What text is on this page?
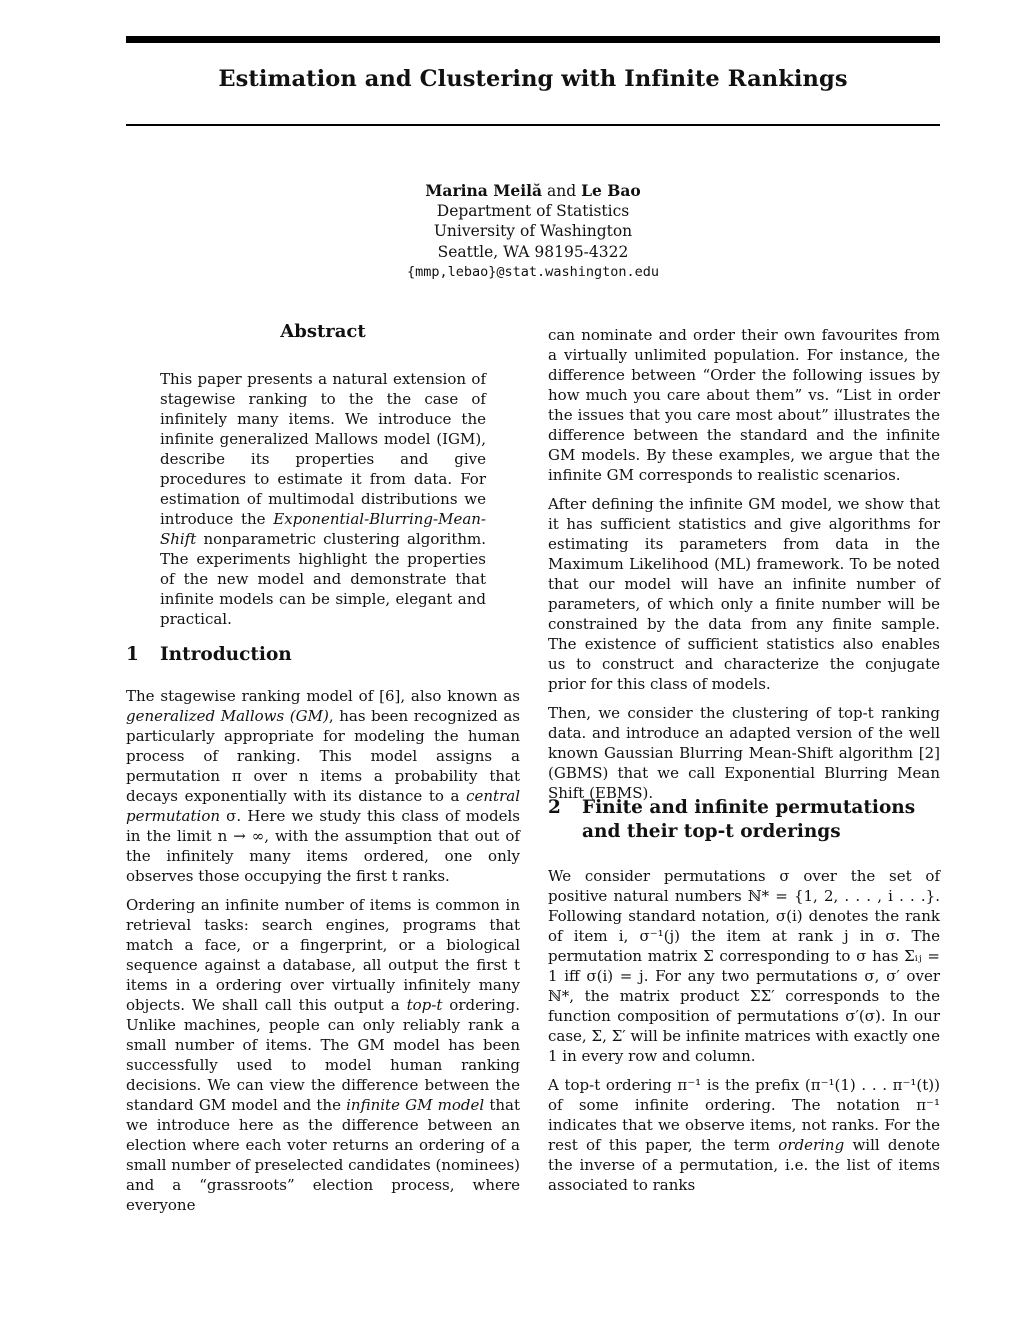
Estimation and Clustering with Infinite Rankings
Marina Meilă and Le Bao
Department of Statistics
University of Washington
Seattle, WA 98195-4322
{mmp,lebao}@stat.washington.edu
Abstract
This paper presents a natural extension of stagewise ranking to the the case of infinitely many items. We introduce the infinite generalized Mallows model (IGM), describe its properties and give procedures to estimate it from data. For estimation of multimodal distributions we introduce the Exponential-Blurring-Mean-Shift nonparametric clustering algorithm. The experiments highlight the properties of the new model and demonstrate that infinite models can be simple, elegant and practical.
1 Introduction

The stagewise ranking model of [6], also known as generalized Mallows (GM), has been recognized as particularly appropriate for modeling the human process of ranking. This model assigns a permutation π over n items a probability that decays exponentially with its distance to a central permutation σ. Here we study this class of models in the limit n → ∞, with the assumption that out of the infinitely many items ordered, one only observes those occupying the first t ranks.

Ordering an infinite number of items is common in retrieval tasks: search engines, programs that match a face, or a fingerprint, or a biological sequence against a database, all output the first t items in a ordering over virtually infinitely many objects. We shall call this output a top-t ordering. Unlike machines, people can only reliably rank a small number of items. The GM model has been successfully used to model human ranking decisions. We can view the difference between the standard GM model and the infinite GM model that we introduce here as the difference between an election where each voter returns an ordering of a small number of preselected candidates (nominees) and a “grassroots” election process, where everyone

can nominate and order their own favourites from a virtually unlimited population. For instance, the difference between “Order the following issues by how much you care about them” vs. “List in order the issues that you care most about” illustrates the difference between the standard and the infinite GM models. By these examples, we argue that the infinite GM corresponds to realistic scenarios.

After defining the infinite GM model, we show that it has sufficient statistics and give algorithms for estimating its parameters from data in the Maximum Likelihood (ML) framework. To be noted that our model will have an infinite number of parameters, of which only a finite number will be constrained by the data from any finite sample. The existence of sufficient statistics also enables us to construct and characterize the conjugate prior for this class of models.

Then, we consider the clustering of top-t ranking data. and introduce an adapted version of the well known Gaussian Blurring Mean-Shift algorithm [2] (GBMS) that we call Exponential Blurring Mean Shift (EBMS).

2 Finite and infinite permutations
and their top-t orderings

We consider permutations σ over the set of positive natural numbers ℕ* = {1, 2, . . . , i . . .}. Following standard notation, σ(i) denotes the rank of item i, σ⁻¹(j) the item at rank j in σ. The permutation matrix Σ corresponding to σ has Σᵢⱼ = 1 iff σ(i) = j. For any two permutations σ, σ′ over ℕ*, the matrix product ΣΣ′ corresponds to the function composition of permutations σ′(σ). In our case, Σ, Σ′ will be infinite matrices with exactly one 1 in every row and column.

A top-t ordering π⁻¹ is the prefix (π⁻¹(1) . . . π⁻¹(t)) of some infinite ordering. The notation π⁻¹ indicates that we observe items, not ranks. For the rest of this paper, the term ordering will denote the inverse of a permutation, i.e. the list of items associated to ranks
